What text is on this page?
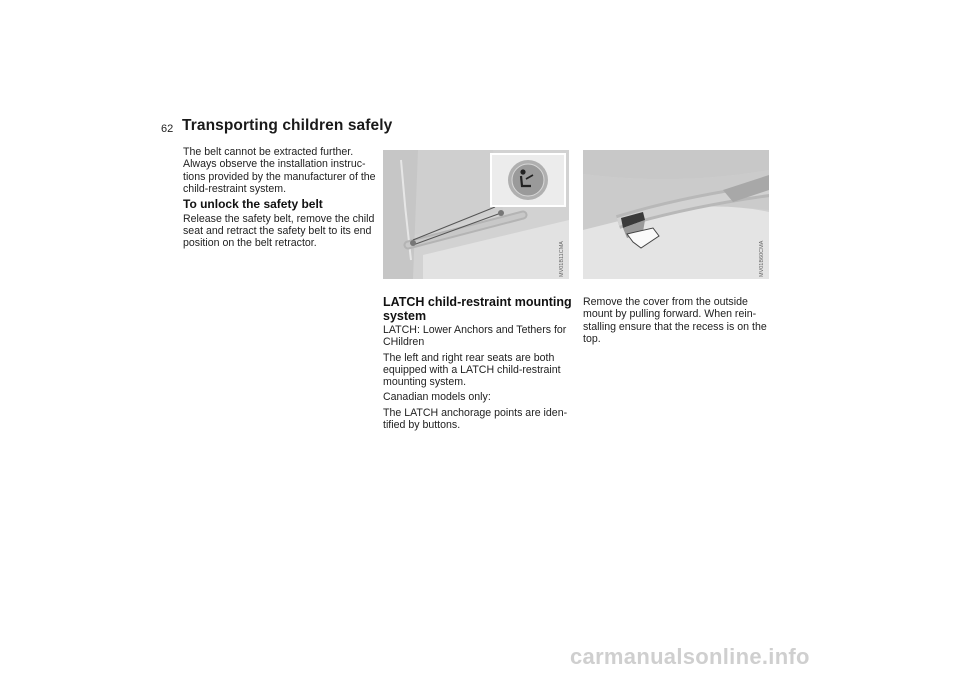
62 Transporting children safely

The belt cannot be extracted further. Always observe the installation instruc-tions provided by the manufacturer of the child-restraint system.

To unlock the safety belt

Release the safety belt, remove the child seat and retract the safety belt to its end position on the belt retractor.	MV01B11CMA	MV01B60CMA
LATCH child-restraint mounting system

LATCH: Lower Anchors and Tethers for CHildren

The left and right rear seats are both equipped with a LATCH child-restraint mounting system.

Canadian models only:

The LATCH anchorage points are iden-tified by buttons.

Remove the cover from the outside mount by pulling forward. When rein-stalling ensure that the recess is on the top.

carmanualsonline.info
